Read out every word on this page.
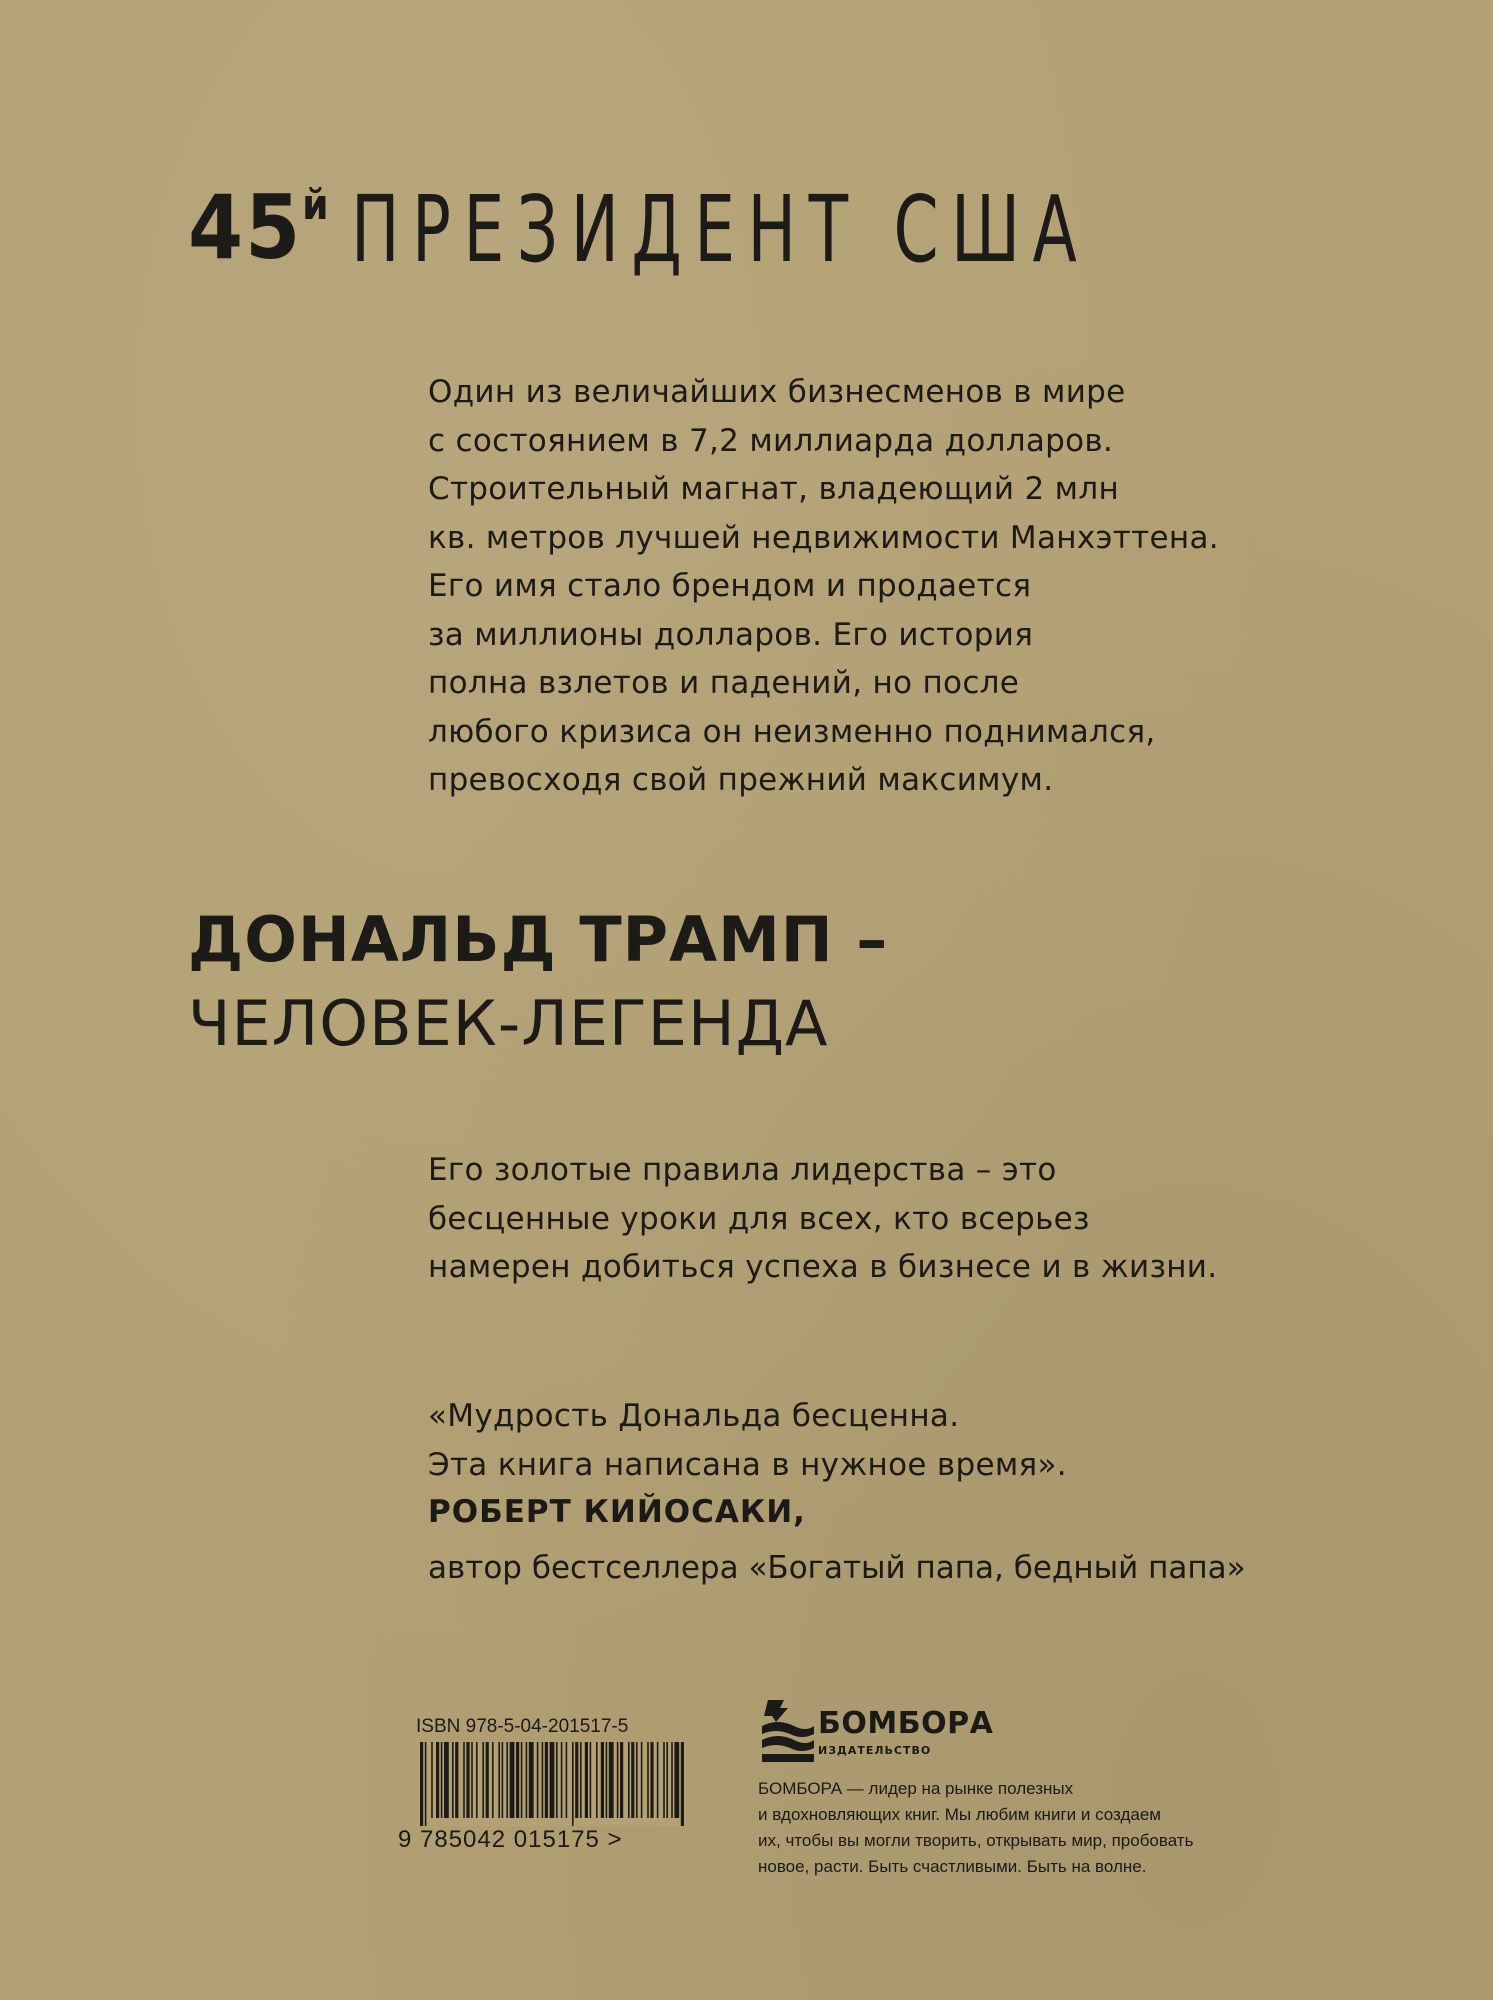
45й ПРЕЗИДЕНТ США
Один из величайших бизнесменов в мире
с состоянием в 7,2 миллиарда долларов.
Строительный магнат, владеющий 2 млн
кв. метров лучшей недвижимости Манхэттена.
Его имя стало брендом и продается
за миллионы долларов. Его история
полна взлетов и падений, но после
любого кризиса он неизменно поднимался,
превосходя свой прежний максимум.
ДОНАЛЬД ТРАМП –
ЧЕЛОВЕК-ЛЕГЕНДА
Его золотые правила лидерства – это
бесценные уроки для всех, кто всерьез
намерен добиться успеха в бизнесе и в жизни.
«Мудрость Дональда бесценна.
Эта книга написана в нужное время».
РОБЕРТ КИЙОСАКИ,
автор бестселлера «Богатый папа, бедный папа»
ISBN 978-5-04-201517-5
9 785042 015175 >
БОМБОРА
ИЗДАТЕЛЬСТВО
БОМБОРА — лидер на рынке полезных
и вдохновляющих книг. Мы любим книги и создаем
их, чтобы вы могли творить, открывать мир, пробовать
новое, расти. Быть счастливыми. Быть на волне.
